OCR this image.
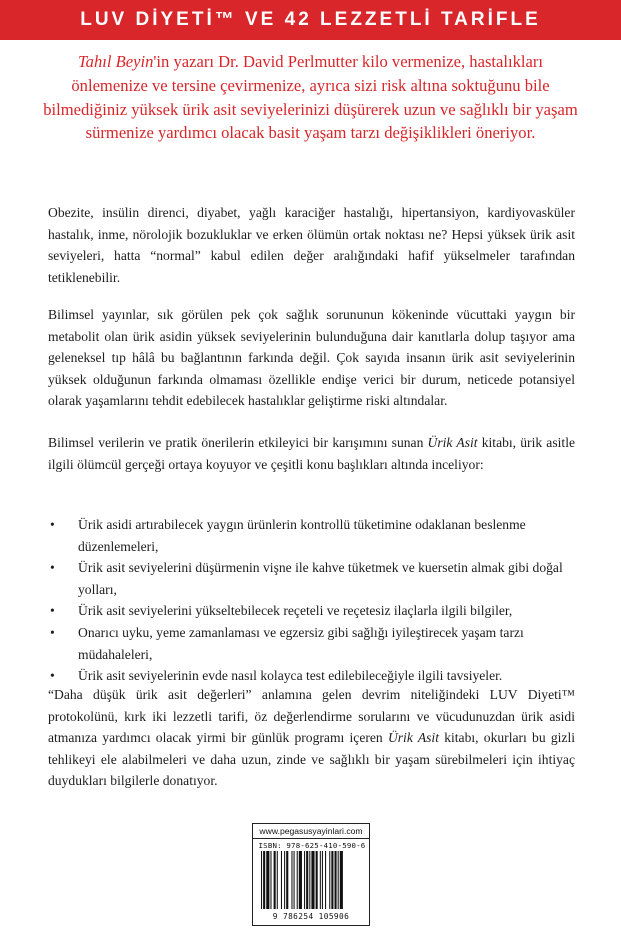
LUV DİYETİ™ VE 42 LEZZETLİ TARİFLE
Tahıl Beyin'in yazarı Dr. David Perlmutter kilo vermenize, hastalıkları önlemenize ve tersine çevirmenize, ayrıca sizi risk altına soktuğunu bile bilmediğiniz yüksek ürik asit seviyelerinizi düşürerek uzun ve sağlıklı bir yaşam sürmenize yardımcı olacak basit yaşam tarzı değişiklikleri öneriyor.

Obezite, insülin direnci, diyabet, yağlı karaciğer hastalığı, hipertansiyon, kardiyovasküler hastalık, inme, nörolojik bozukluklar ve erken ölümün ortak noktası ne? Hepsi yüksek ürik asit seviyeleri, hatta “normal” kabul edilen değer aralığındaki hafif yükselmeler tarafından tetiklenebilir.

Bilimsel yayınlar, sık görülen pek çok sağlık sorununun kökeninde vücuttaki yaygın bir metabolit olan ürik asidin yüksek seviyelerinin bulunduğuna dair kanıtlarla dolup taşıyor ama geleneksel tıp hâlâ bu bağlantının farkında değil. Çok sayıda insanın ürik asit seviyelerinin yüksek olduğunun farkında olmaması özellikle endişe verici bir durum, neticede potansiyel olarak yaşamlarını tehdit edebilecek hastalıklar geliştirme riski altındalar.

Bilimsel verilerin ve pratik önerilerin etkileyici bir karışımını sunan Ürik Asit kitabı, ürik asitle ilgili ölümcül gerçeği ortaya koyuyor ve çeşitli konu başlıkları altında inceliyor:

• Ürik asidi artırabilecek yaygın ürünlerin kontrollü tüketimine odaklanan beslenme düzenlemeleri,
• Ürik asit seviyelerini düşürmenin vişne ile kahve tüketmek ve kuersetin almak gibi doğal yolları,
• Ürik asit seviyelerini yükseltebilecek reçeteli ve reçetesiz ilaçlarla ilgili bilgiler,
• Onarıcı uyku, yeme zamanlaması ve egzersiz gibi sağlığı iyileştirecek yaşam tarzı müdahaleleri,
• Ürik asit seviyelerinin evde nasıl kolayca test edilebileceğiyle ilgili tavsiyeler.

“Daha düşük ürik asit değerleri” anlamına gelen devrim niteliğindeki LUV Diyeti™ protokolünü, kırk iki lezzetli tarifi, öz değerlendirme sorularını ve vücudunuzdan ürik asidi atmanıza yardımcı olacak yirmi bir günlük programı içeren Ürik Asit kitabı, okurları bu gizli tehlikeyi ele alabilmeleri ve daha uzun, zinde ve sağlıklı bir yaşam sürebilmeleri için ihtiyaç duydukları bilgilerle donatıyor.

www.pegasusyayinlari.com
ISBN: 978-625-410-590-6
9 786254 105906
